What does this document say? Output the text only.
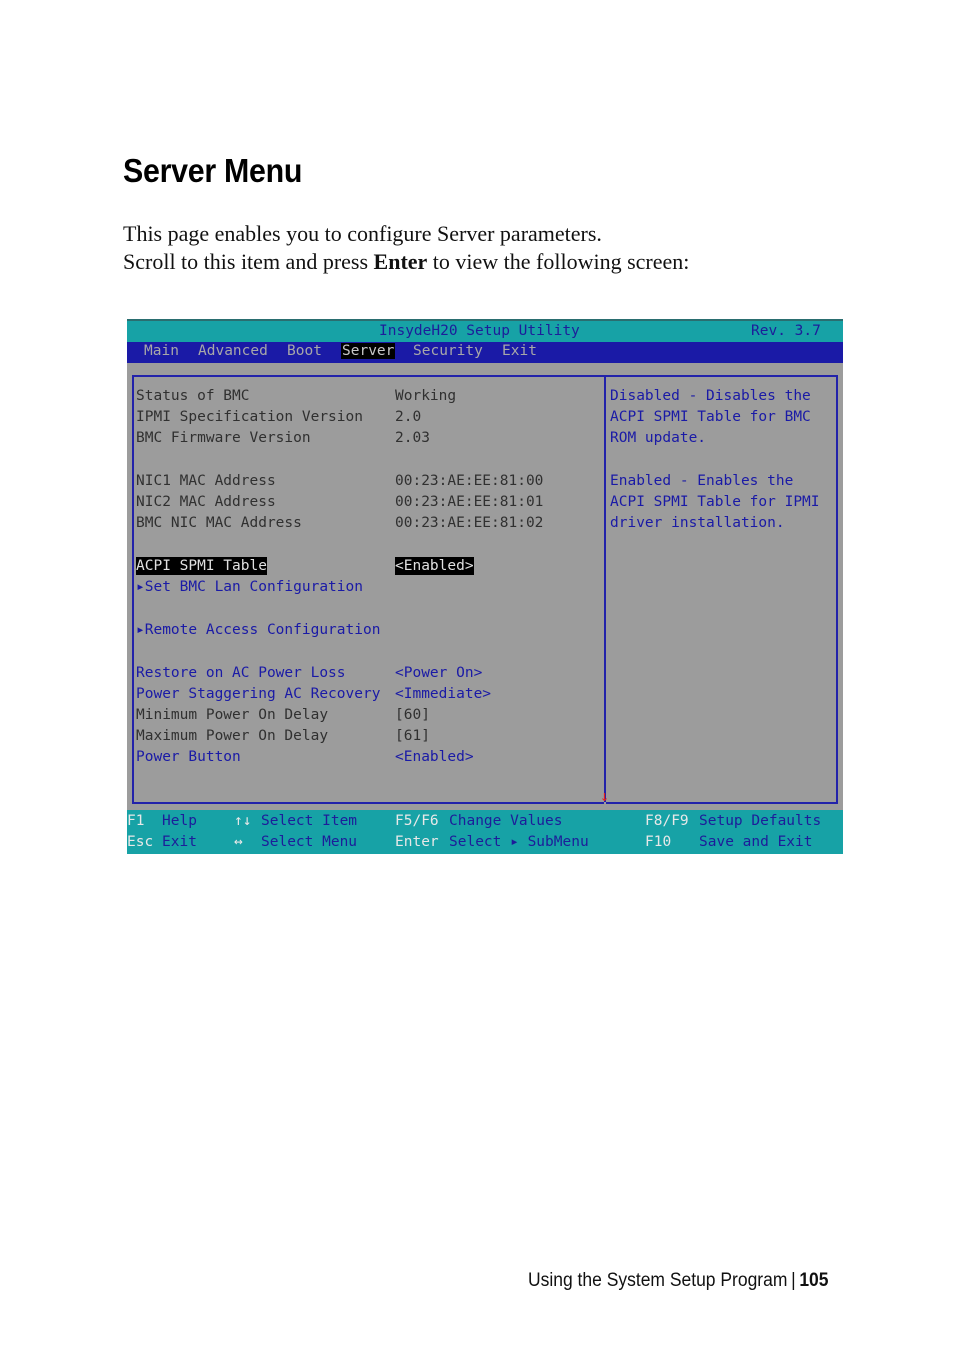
Server Menu

This page enables you to configure Server parameters.
Scroll to this item and press Enter to view the following screen:

InsydeH20 Setup Utility	Rev. 3.7
Main Advanced Boot Server Security Exit
↓
Status of BMC	Working
IPMI Specification Version 2.0
BMC Firmware Version	2.03
NIC1 MAC Address	00:23:AE:EE:81:00
NIC2 MAC Address	00:23:AE:EE:81:01
BMC NIC MAC Address	00:23:AE:EE:81:02
ACPI SPMI Table	<Enabled>
▸Set BMC Lan Configuration
▸Remote Access Configuration
Restore on AC Power Loss	<Power On>
Power Staggering AC Recovery <Immediate>
Minimum Power On Delay	[60]
Maximum Power On Delay	[61]
Power Button	<Enabled>
Disabled - Disables the
ACPI SPMI Table for BMC
ROM update.
Enabled - Enables the
ACPI SPMI Table for IPMI
driver installation.
F1 Help
Esc Exit
↑↓ Select Item
↔ Select Menu
F5/F6 Change Values
Enter Select ▸ SubMenu
F8/F9 Setup Defaults
F10 Save and Exit
Using the System Setup Program | 105
